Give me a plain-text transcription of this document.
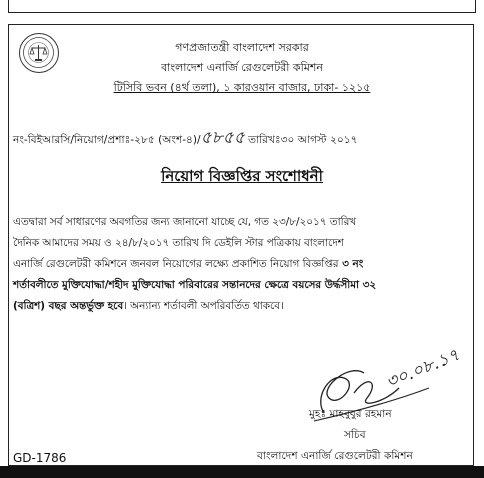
গণপ্রজাতন্ত্রী বাংলাদেশ সরকার
বাংলাদেশ এনার্জি রেগুলেটরী কমিশন
টিসিবি ভবন (৪র্থ তলা), ১ কারওয়ান বাজার, ঢাকা- ১২১৫
নং-বিইআরসি/নিয়োগ/প্রশাঃ-২৮৫ (অংশ-৪)/৫৮৫৫ তারিখঃ৩০ আগস্ট ২০১৭
নিয়োগ বিজ্ঞপ্তির সংশোধনী
এতদ্বারা সর্ব সাধারণের অবগতির জন্য জানানো যাচ্ছে যে, গত ২৩/৮/২০১৭ তারিখ
দৈনিক আমাদের সময় ও ২৪/৮/২০১৭ তারিখ দি ডেইলি স্টার পত্রিকায় বাংলাদেশ
এনার্জি রেগুলেটরী কমিশনে জনবল নিয়োগের লক্ষ্যে প্রকাশিত নিয়োগ বিজ্ঞপ্তির ৩ নং
শর্তাবলীতে মুক্তিযোদ্ধা/শহীদ মুক্তিযোদ্ধা পরিবারের সন্তানদের ক্ষেত্রে বয়সের উর্দ্ধসীমা ৩২
(বত্রিশ) বছর অন্তর্ভুক্ত হবে। অন্যান্য শর্তাবলী অপরিবর্তিত থাকবে।
৩০.০৮.১৭
মুহঃ মাহবুবুর রহমান
সচিব
বাংলাদেশ এনার্জি রেগুলেটরী কমিশন
GD-1786
